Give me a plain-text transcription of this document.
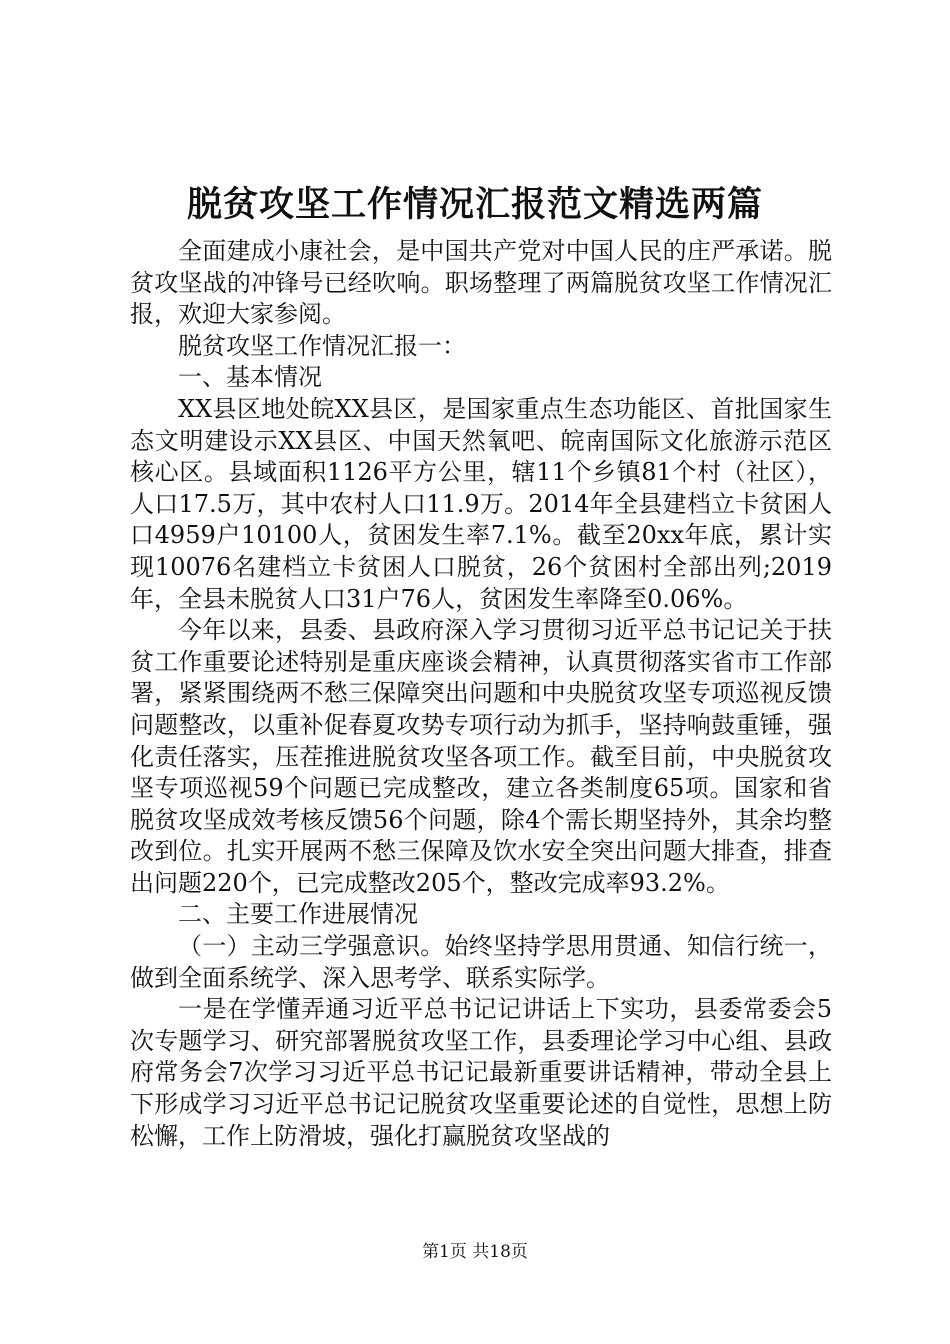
脱贫攻坚工作情况汇报范文精选两篇

全面建成小康社会，是中国共产党对中国人民的庄严承诺。脱贫攻坚战的冲锋号已经吹响。职场整理了两篇脱贫攻坚工作情况汇报，欢迎大家参阅。

脱贫攻坚工作情况汇报一：

一、基本情况

XX县区地处皖XX县区，是国家重点生态功能区、首批国家生态文明建设示XX县区、中国天然氧吧、皖南国际文化旅游示范区核心区。县域面积1126平方公里，辖11个乡镇81个村（社区），人口17.5万，其中农村人口11.9万。2014年全县建档立卡贫困人口4959户10100人，贫困发生率7.1%。截至20xx年底，累计实现10076名建档立卡贫困人口脱贫，26个贫困村全部出列;2019年，全县未脱贫人口31户76人，贫困发生率降至0.06%。

今年以来，县委、县政府深入学习贯彻习近平总书记记关于扶贫工作重要论述特别是重庆座谈会精神，认真贯彻落实省市工作部署，紧紧围绕两不愁三保障突出问题和中央脱贫攻坚专项巡视反馈问题整改，以重补促春夏攻势专项行动为抓手，坚持响鼓重锤，强化责任落实，压茬推进脱贫攻坚各项工作。截至目前，中央脱贫攻坚专项巡视59个问题已完成整改，建立各类制度65项。国家和省脱贫攻坚成效考核反馈56个问题，除4个需长期坚持外，其余均整改到位。扎实开展两不愁三保障及饮水安全突出问题大排查，排查出问题220个，已完成整改205个，整改完成率93.2%。

二、主要工作进展情况

（一）主动三学强意识。始终坚持学思用贯通、知信行统一，做到全面系统学、深入思考学、联系实际学。

一是在学懂弄通习近平总书记记讲话上下实功，县委常委会5次专题学习、研究部署脱贫攻坚工作，县委理论学习中心组、县政府常务会7次学习习近平总书记记最新重要讲话精神，带动全县上下形成学习习近平总书记记脱贫攻坚重要论述的自觉性，思想上防松懈，工作上防滑坡，强化打赢脱贫攻坚战的

第1页 共18页
